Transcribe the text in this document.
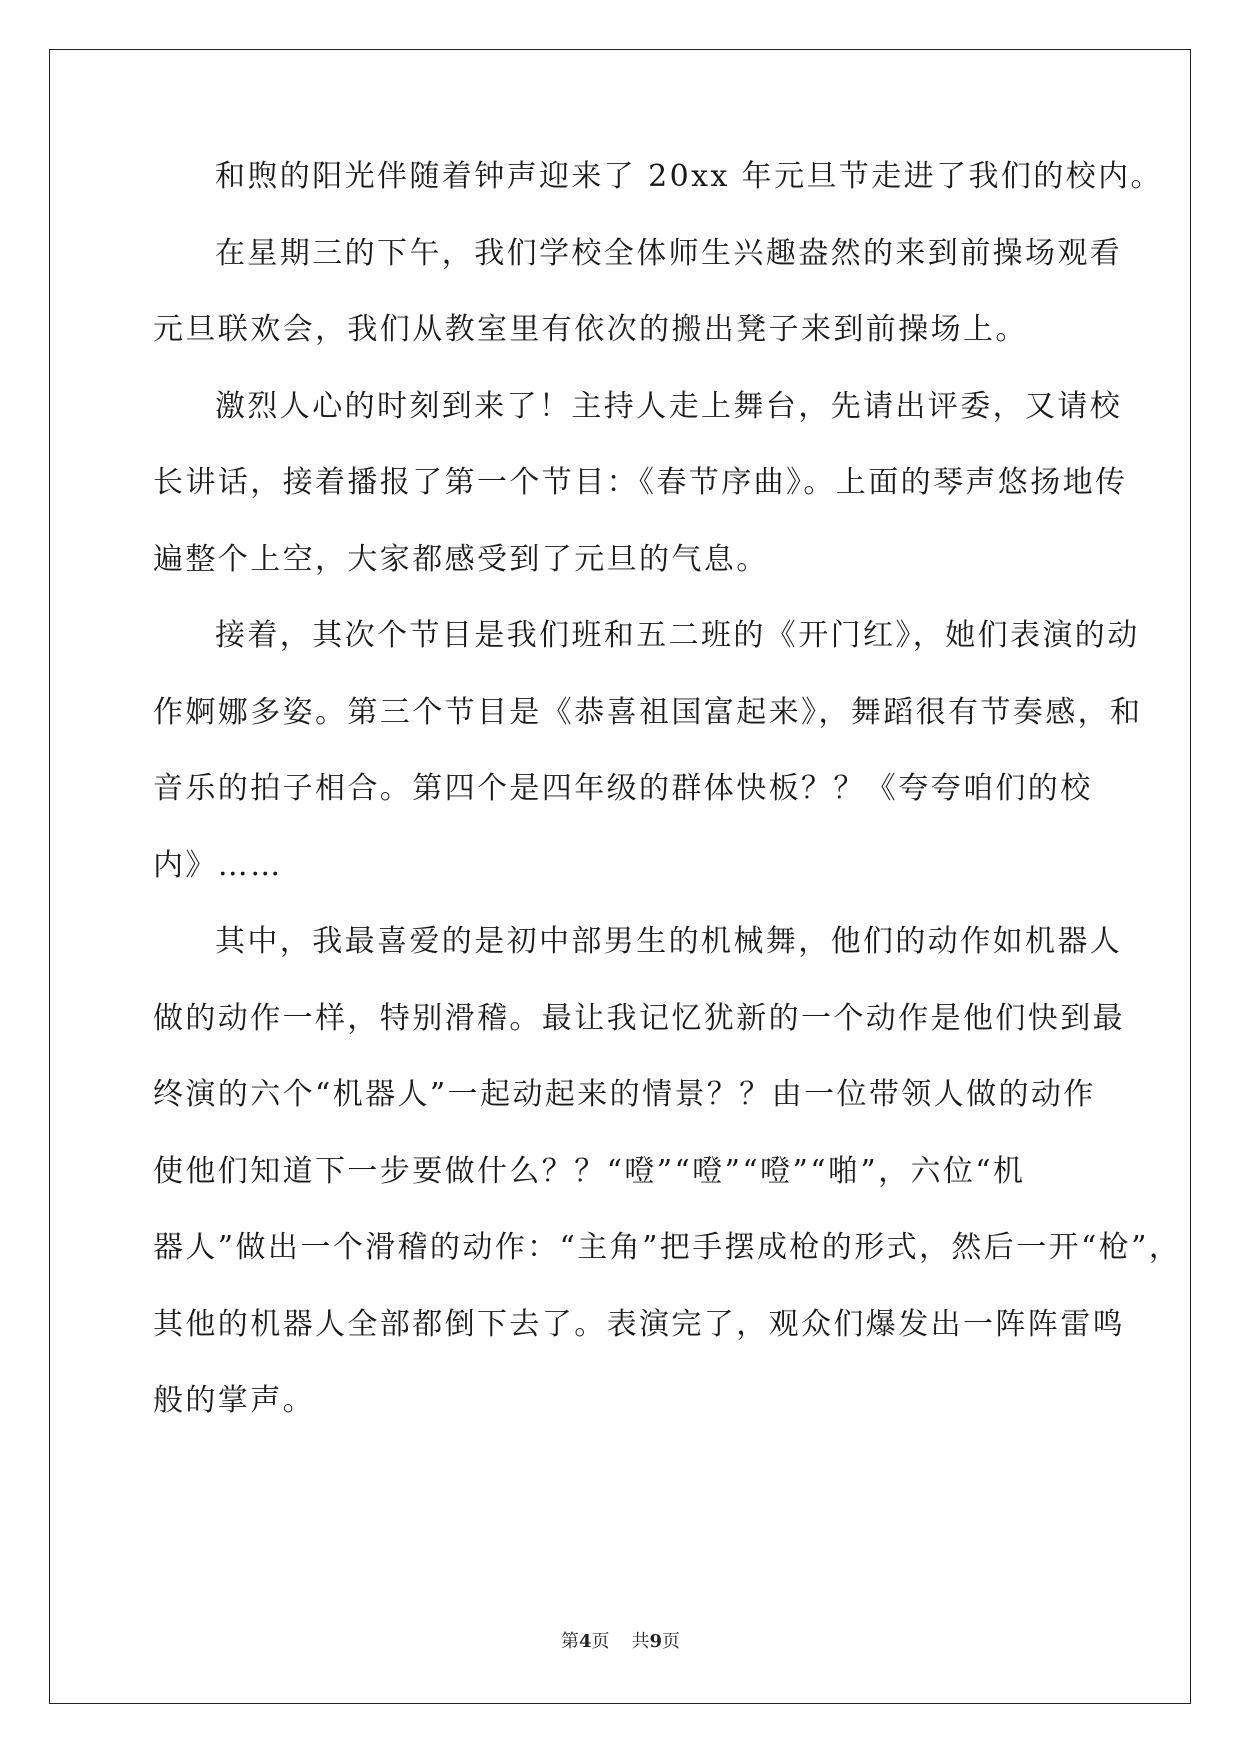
和煦的阳光伴随着钟声迎来了 20xx 年元旦节走进了我们的校内。
在星期三的下午，我们学校全体师生兴趣盎然的来到前操场观看
元旦联欢会，我们从教室里有依次的搬出凳子来到前操场上。
激烈人心的时刻到来了！主持人走上舞台，先请出评委，又请校
长讲话，接着播报了第一个节目：《春节序曲》。上面的琴声悠扬地传
遍整个上空，大家都感受到了元旦的气息。
接着，其次个节目是我们班和五二班的《开门红》，她们表演的动
作婀娜多姿。第三个节目是《恭喜祖国富起来》，舞蹈很有节奏感，和
音乐的拍子相合。第四个是四年级的群体快板？？《夸夸咱们的校
内》……
其中，我最喜爱的是初中部男生的机械舞，他们的动作如机器人
做的动作一样，特别滑稽。最让我记忆犹新的一个动作是他们快到最
终演的六个“机器人”一起动起来的情景？？由一位带领人做的动作
使他们知道下一步要做什么？？“噔”“噔”“噔”“啪”，六位“机
器人”做出一个滑稽的动作：“主角”把手摆成枪的形式，然后一开“枪”，
其他的机器人全部都倒下去了。表演完了，观众们爆发出一阵阵雷鸣
般的掌声。
第4页 共9页
